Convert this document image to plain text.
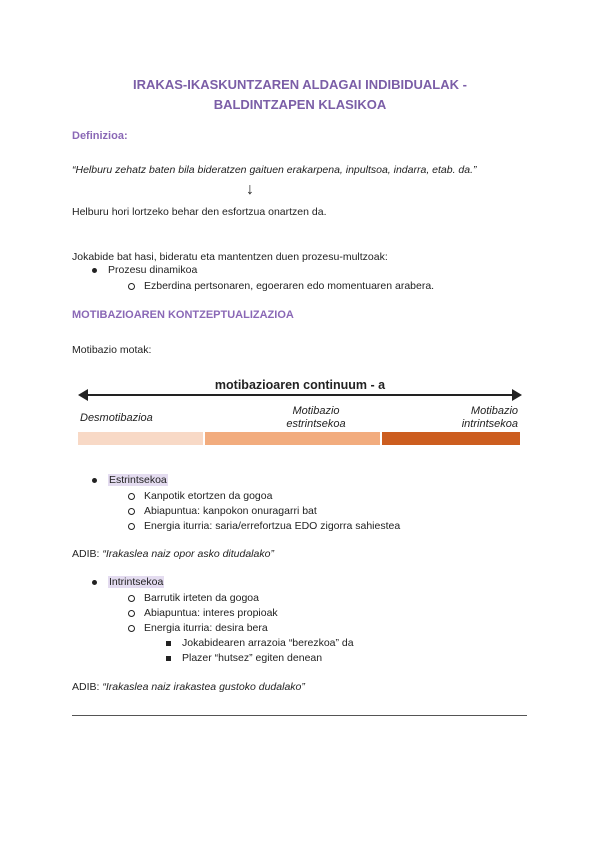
IRAKAS-IKASKUNTZAREN ALDAGAI INDIBIDUALAK -
BALDINTZAPEN KLASIKOA
Definizioa:
“Helburu zehatz baten bila bideratzen gaituen erakarpena, inpultsoa, indarra, etab. da.”
↓
Helburu hori lortzeko behar den esfortzua onartzen da.
Jokabide bat hasi, bideratu eta mantentzen duen prozesu-multzoak:
Prozesu dinamikoa
Ezberdina pertsonaren, egoeraren edo momentuaren arabera.
MOTIBAZIOAREN KONTZEPTUALIZAZIOA
Motibazio motak:
motibazioaren continuum - a
Desmotibazioa
Motibazio
estrintsekoa
Motibazio
intrintsekoa
Estrintsekoa
Kanpotik etortzen da gogoa
Abiapuntua: kanpokon onuragarri bat
Energia iturria: saria/errefortzua EDO zigorra sahiestea
ADIB: “Irakaslea naiz opor asko ditudalako”
Intrintsekoa
Barrutik irteten da gogoa
Abiapuntua: interes propioak
Energia iturria: desira bera
Jokabidearen arrazoia “berezkoa” da
Plazer “hutsez” egiten denean
ADIB: “Irakaslea naiz irakastea gustoko dudalako”
